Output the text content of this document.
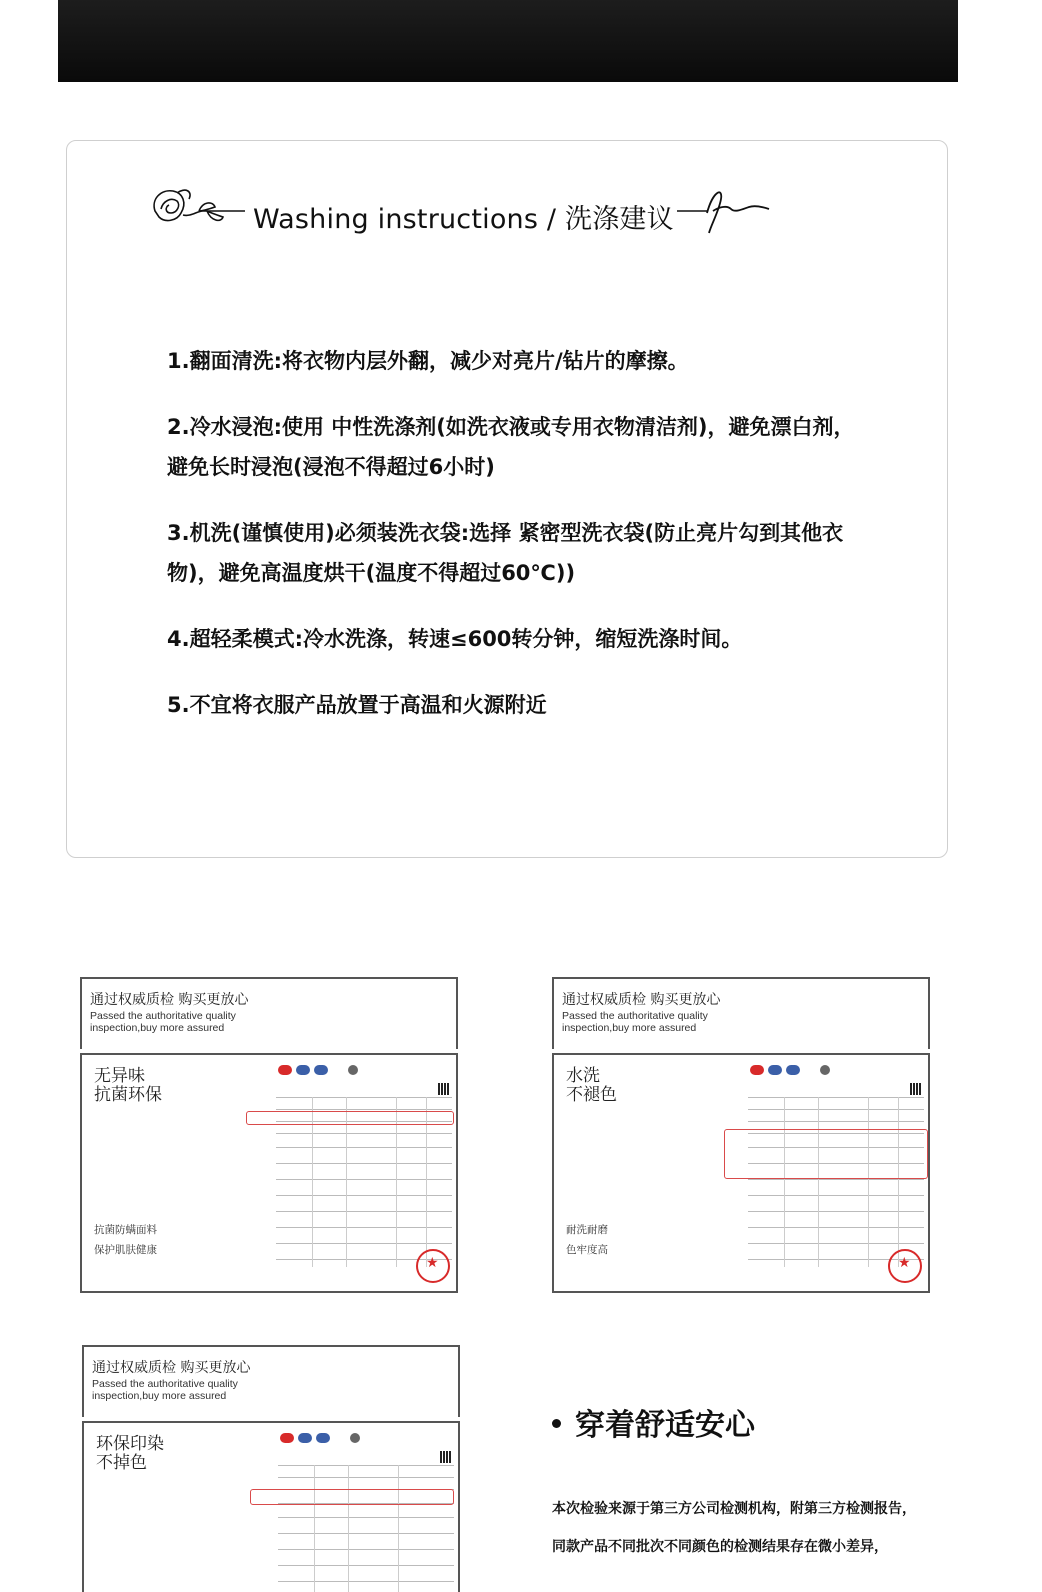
Washing instructions / 洗涤建议
1.翻面清洗:将衣物内层外翻，减少对亮片/钻片的摩擦。
2.冷水浸泡:使用 中性洗涤剂(如洗衣液或专用衣物清洁剂)，避免漂白剂，避免长时浸泡(浸泡不得超过6小时)
3.机洗(谨慎使用)必须装洗衣袋:选择 紧密型洗衣袋(防止亮片勾到其他衣物)，避免高温度烘干(温度不得超过60℃))
4.超轻柔模式:冷水洗涤，转速≤600转分钟，缩短洗涤时间。
5.不宜将衣服产品放置于高温和火源附近
通过权威质检 购买更放心
Passed the authoritative quality inspection,buy more assured
无异味
抗菌环保
抗菌防螨面料
保护肌肤健康
★
通过权威质检 购买更放心
Passed the authoritative quality inspection,buy more assured
水洗
不褪色
耐洗耐磨
色牢度高
★
通过权威质检 购买更放心
Passed the authoritative quality inspection,buy more assured
环保印染
不掉色
穿着舒适安心
本次检验来源于第三方公司检测机构，附第三方检测报告，
同款产品不同批次不同颜色的检测结果存在微小差异，
